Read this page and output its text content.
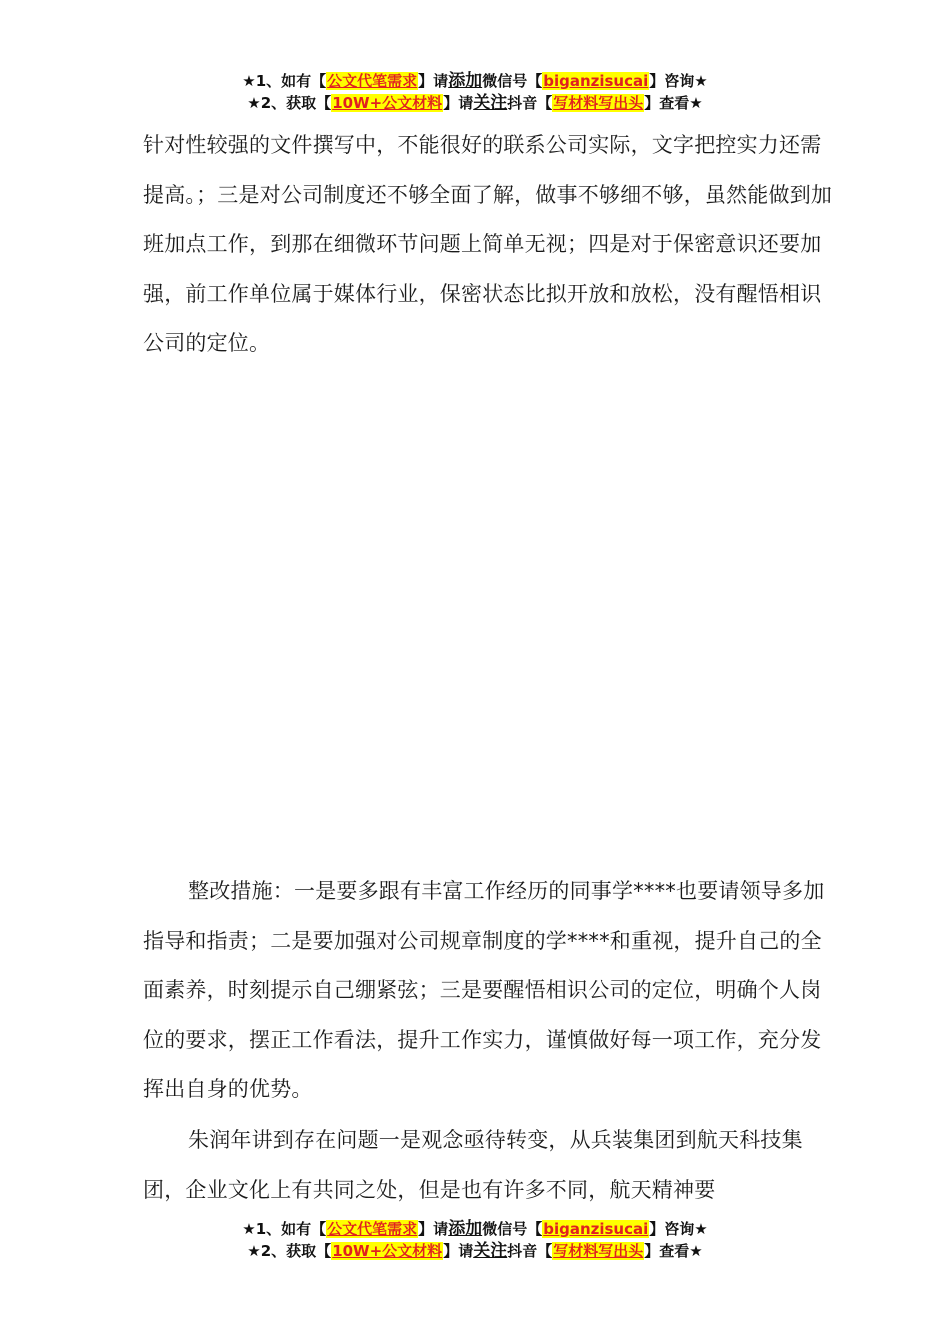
★1、如有【公文代笔需求】请添加微信号【biganzisucai】咨询★
★2、获取【10W+公文材料】请关注抖音【写材料写出头】查看★

针对性较强的文件撰写中，不能很好的联系公司实际，文字把控实力还需提高。；三是对公司制度还不够全面了解，做事不够细不够，虽然能做到加班加点工作，到那在细微环节问题上简单无视；四是对于保密意识还要加强，前工作单位属于媒体行业，保密状态比拟开放和放松，没有醒悟相识公司的定位。

整改措施：一是要多跟有丰富工作经历的同事学****也要请领导多加指导和指责；二是要加强对公司规章制度的学****和重视，提升自己的全面素养，时刻提示自己绷紧弦；三是要醒悟相识公司的定位，明确个人岗位的要求，摆正工作看法，提升工作实力，谨慎做好每一项工作，充分发挥出自身的优势。

朱润年讲到存在问题一是观念亟待转变，从兵装集团到航天科技集团，企业文化上有共同之处，但是也有许多不同，航天精神要

★1、如有【公文代笔需求】请添加微信号【biganzisucai】咨询★
★2、获取【10W+公文材料】请关注抖音【写材料写出头】查看★
